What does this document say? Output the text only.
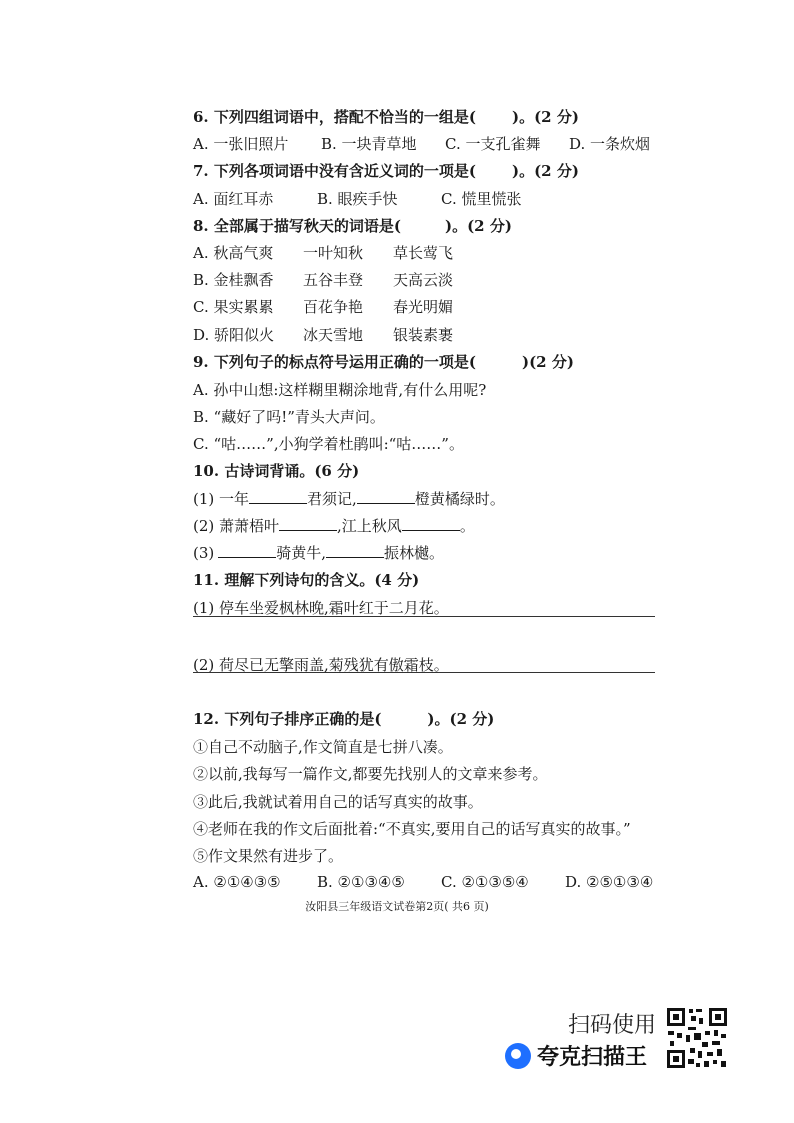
6. 下列四组词语中，搭配不恰当的一组是( )。(2 分)
A. 一张旧照片 B. 一块青草地 C. 一支孔雀舞 D. 一条炊烟
7. 下列各项词语中没有含近义词的一项是( )。(2 分)
A. 面红耳赤	B. 眼疾手快	C. 慌里慌张
8. 全部属于描写秋天的词语是(	)。(2 分)
A. 秋高气爽 一叶知秋 草长莺飞
B. 金桂飘香 五谷丰登 天高云淡
C. 果实累累 百花争艳 春光明媚
D. 骄阳似火 冰天雪地 银装素裹
9. 下列句子的标点符号运用正确的一项是(	)(2 分)
A. 孙中山想:这样糊里糊涂地背,有什么用呢?
B. “藏好了吗!”青头大声问。
C. “咕……”,小狗学着杜鹃叫:“咕……”。
10. 古诗词背诵。(6 分)
(1) 一年	君须记,	橙黄橘绿时。
(2) 萧萧梧叶	,江上秋风	。
(3)	骑黄牛,	振林樾。
11. 理解下列诗句的含义。(4 分)
(1) 停车坐爱枫林晚,霜叶红于二月花。
(2) 荷尽已无擎雨盖,菊残犹有傲霜枝。
12. 下列句子排序正确的是(	)。(2 分)
①自己不动脑子,作文简直是七拼八凑。
②以前,我每写一篇作文,都要先找别人的文章来参考。
③此后,我就试着用自己的话写真实的故事。
④老师在我的作文后面批着:“不真实,要用自己的话写真实的故事。”
⑤作文果然有进步了。
A. ②①④③⑤ B. ②①③④⑤ C. ②①③⑤④ D. ②⑤①③④
汝阳县三年级语文试卷第2页( 共6 页)
扫码使用
夸克扫描王
